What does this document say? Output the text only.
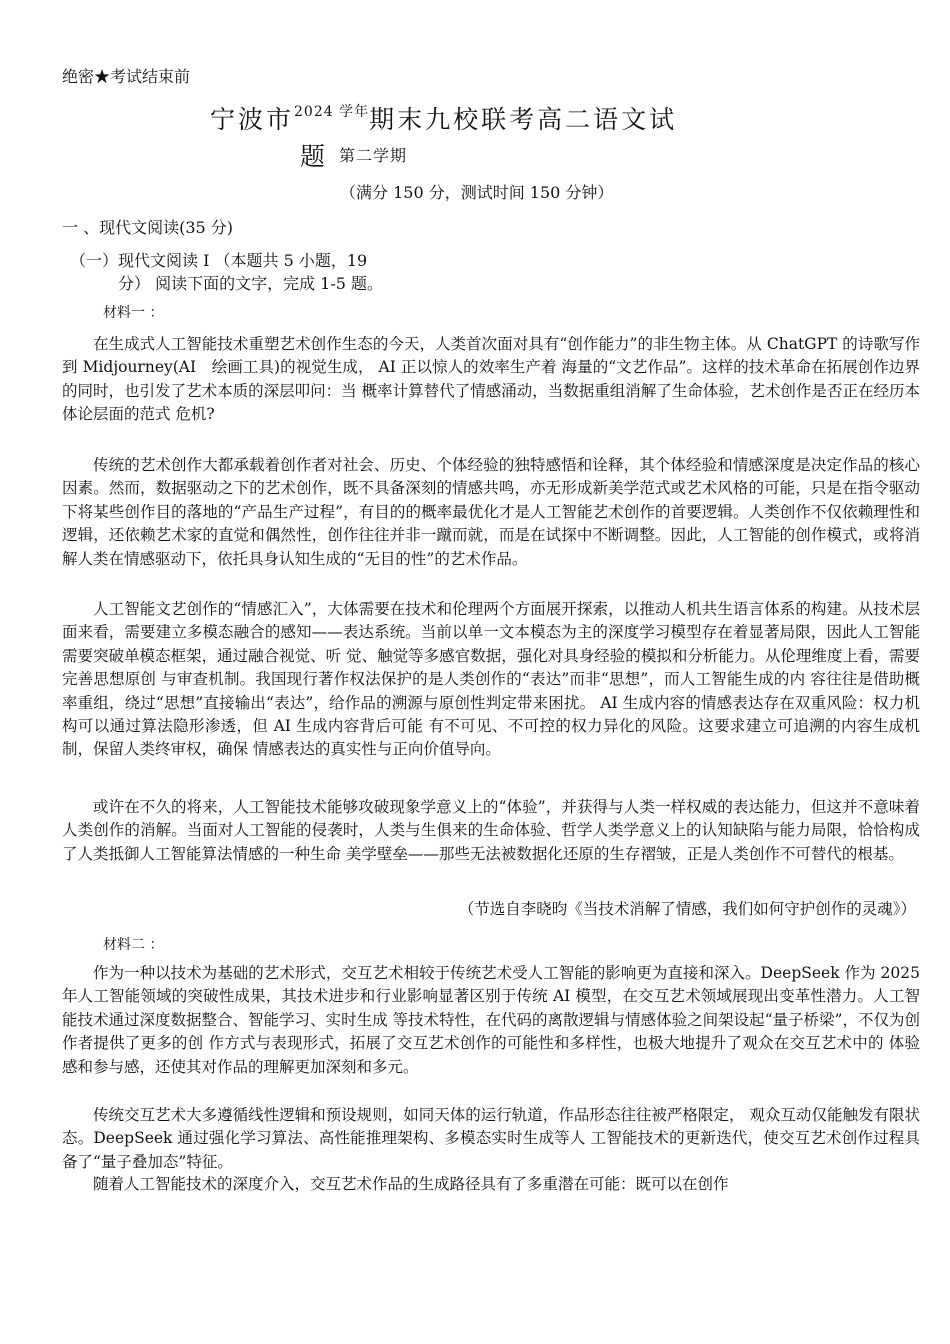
绝密★考试结束前
宁波市$^{2024 学年}$期末九校联考高二语文试
题第二学期
（满分 150 分，测试时间 150 分钟）
一 、现代文阅读(35 分)
（一）现代文阅读 I （本题共 5 小题，19
分） 阅读下面的文字，完成 1-5 题。
材料一 ：

在生成式人工智能技术重塑艺术创作生态的今天，人类首次面对具有“创作能力”的非生物主体。从 ChatGPT 的诗歌写作到 Midjourney(AI　绘画工具)的视觉生成， AI 正以惊人的效率生产着 海量的“文艺作品”。这样的技术革命在拓展创作边界的同时，也引发了艺术本质的深层叩问：当 概率计算替代了情感涌动，当数据重组消解了生命体验，艺术创作是否正在经历本体论层面的范式 危机?

传统的艺术创作大都承载着创作者对社会、历史、个体经验的独特感悟和诠释，其个体经验和情感深度是决定作品的核心因素。然而，数据驱动之下的艺术创作，既不具备深刻的情感共鸣，亦无形成新美学范式或艺术风格的可能，只是在指令驱动下将某些创作目的落地的“产品生产过程”，有目的的概率最优化才是人工智能艺术创作的首要逻辑。人类创作不仅依赖理性和逻辑，还依赖艺术家的直觉和偶然性，创作往往并非一蹴而就，而是在试探中不断调整。因此，人工智能的创作模式，或将消解人类在情感驱动下，依托具身认知生成的“无目的性”的艺术作品。

人工智能文艺创作的“情感汇入”，大体需要在技术和伦理两个方面展开探索，以推动人机共生语言体系的构建。从技术层面来看，需要建立多模态融合的感知——表达系统。当前以单一文本模态为主的深度学习模型存在着显著局限，因此人工智能需要突破单模态框架，通过融合视觉、听 觉、触觉等多感官数据，强化对具身经验的模拟和分析能力。从伦理维度上看，需要完善思想原创 与审查机制。我国现行著作权法保护的是人类创作的“表达”而非“思想”，而人工智能生成的内 容往往是借助概率重组，绕过“思想”直接输出“表达”，给作品的溯源与原创性判定带来困扰。 AI 生成内容的情感表达存在双重风险：权力机构可以通过算法隐形渗透，但 AI 生成内容背后可能 有不可见、不可控的权力异化的风险。这要求建立可追溯的内容生成机制，保留人类终审权，确保 情感表达的真实性与正向价值导向。

或许在不久的将来，人工智能技术能够攻破现象学意义上的“体验”，并获得与人类一样权威的表达能力，但这并不意味着人类创作的消解。当面对人工智能的侵袭时，人类与生俱来的生命体验、哲学人类学意义上的认知缺陷与能力局限，恰恰构成了人类抵御人工智能算法情感的一种生命 美学壁垒——那些无法被数据化还原的生存褶皱，正是人类创作不可替代的根基。

（节选自李晓昀《当技术消解了情感，我们如何守护创作的灵魂》）
材料二 ：

作为一种以技术为基础的艺术形式，交互艺术相较于传统艺术受人工智能的影响更为直接和深入。DeepSeek 作为 2025 年人工智能领域的突破性成果，其技术进步和行业影响显著区别于传统 AI 模型，在交互艺术领域展现出变革性潜力。人工智能技术通过深度数据整合、智能学习、实时生成 等技术特性，在代码的离散逻辑与情感体验之间架设起“量子桥梁”，不仅为创作者提供了更多的创 作方式与表现形式，拓展了交互艺术创作的可能性和多样性，也极大地提升了观众在交互艺术中的 体验感和参与感，还使其对作品的理解更加深刻和多元。

传统交互艺术大多遵循线性逻辑和预设规则，如同天体的运行轨道，作品形态往往被严格限定， 观众互动仅能触发有限状态。DeepSeek 通过强化学习算法、高性能推理架构、多模态实时生成等人 工智能技术的更新迭代，使交互艺术创作过程具备了“量子叠加态”特征。

随着人工智能技术的深度介入，交互艺术作品的生成路径具有了多重潜在可能：既可以在创作
